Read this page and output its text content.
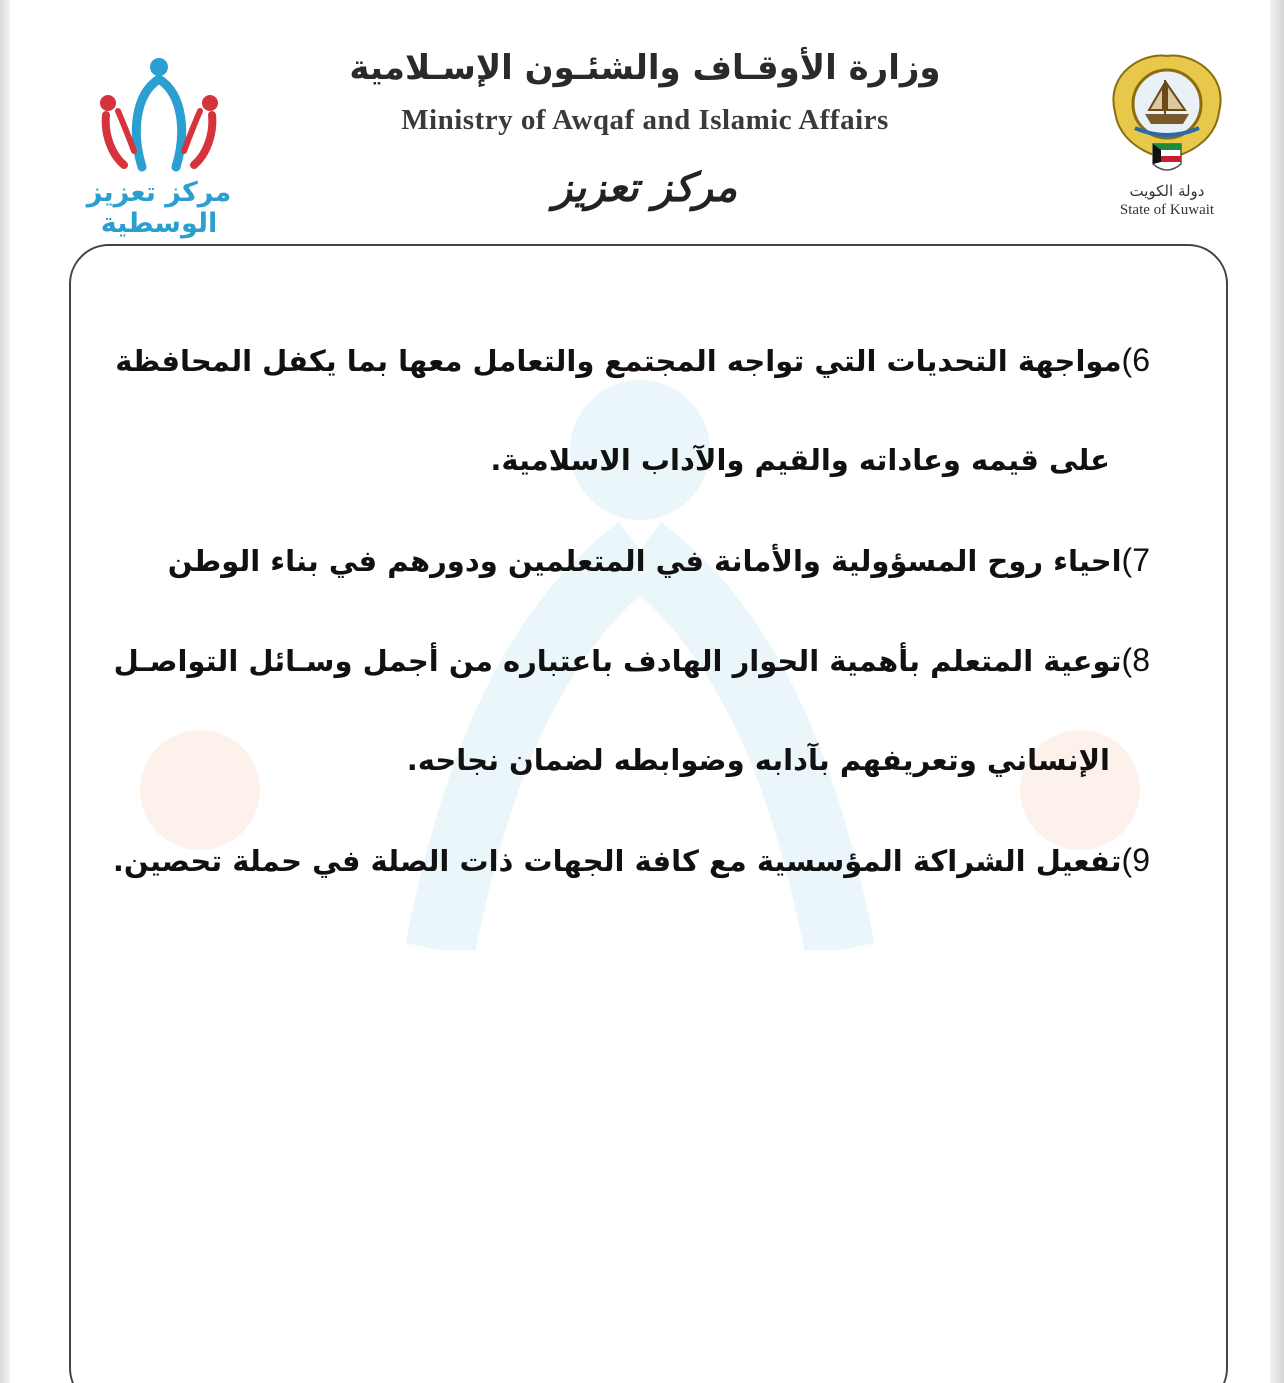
مركز تعزيز الوسطية
وزارة الأوقـاف والشئـون الإسـلامية
Ministry of Awqaf and Islamic Affairs
مركز تعزيز	دولة الكويت
State of Kuwait
6)مواجهة التحديات التي تواجه المجتمع والتعامل معها بما يكفل المحافظة
على قيمه وعاداته والقيم والآداب الاسلامية.
7)احياء روح المسؤولية والأمانة في المتعلمين ودورهم في بناء الوطن
8)توعية المتعلم بأهمية الحوار الهادف باعتباره من أجمل وسـائل التواصـل
الإنساني وتعريفهم بآدابه وضوابطه لضمان نجاحه.
9)تفعيل الشراكة المؤسسية مع كافة الجهات ذات الصلة في حملة تحصين.
